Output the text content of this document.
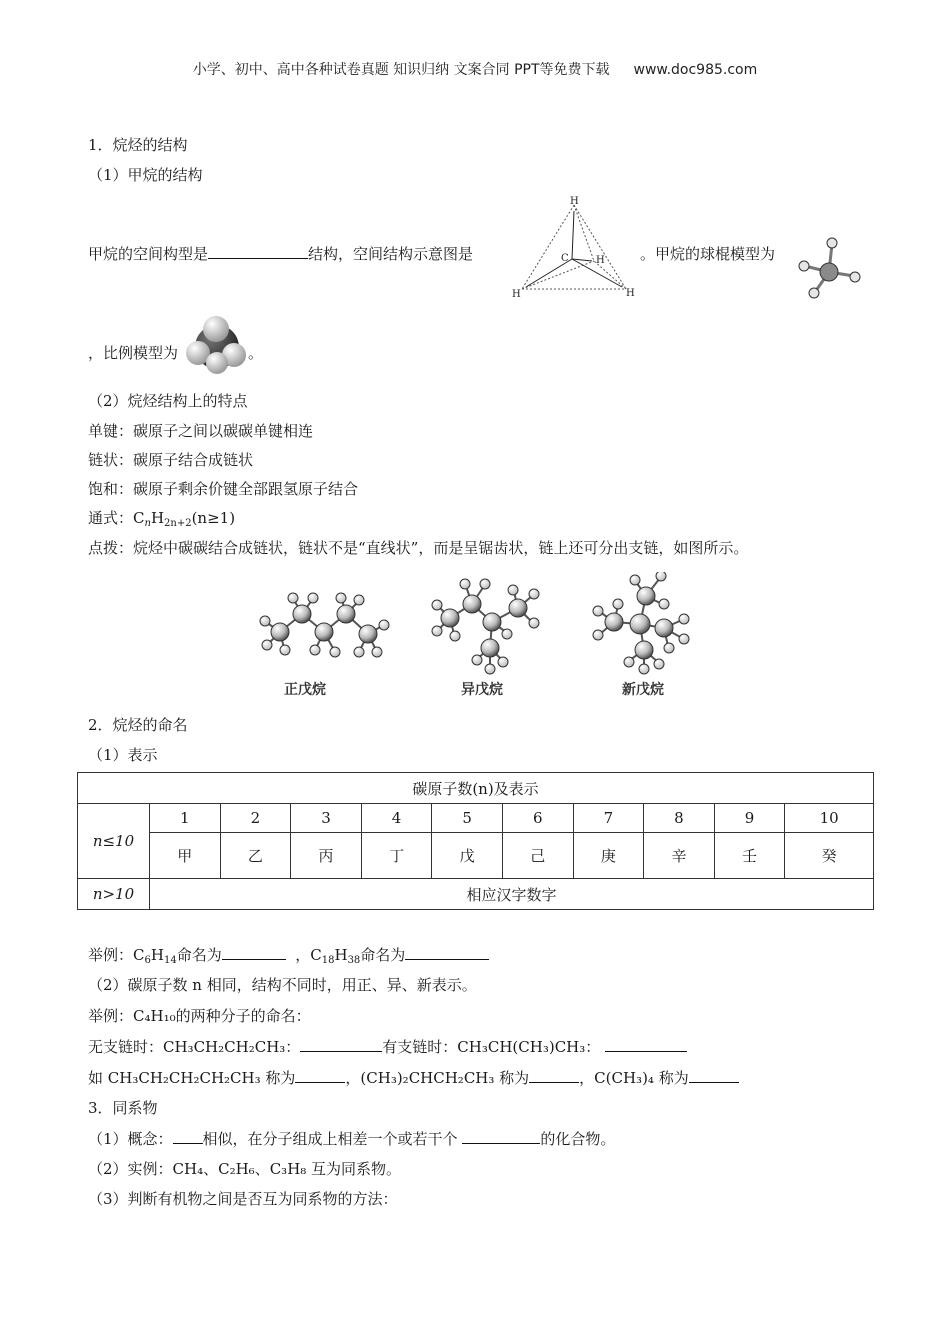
小学、初中、高中各种试卷真题 知识归纳 文案合同 PPT等免费下载 www.doc985.com
1．烷烃的结构
（1）甲烷的结构
甲烷的空间构型是	结构，空间结构示意图是
H
C	H
H	H
。甲烷的球棍模型为
，比例模型为	。
（2）烷烃结构上的特点
单键：碳原子之间以碳碳单键相连
链状：碳原子结合成链状
饱和：碳原子剩余价键全部跟氢原子结合
通式：$C_nH_{2n+2}(n\ge 1)$
点拨：烷烃中碳碳结合成链状，链状不是“直线状”，而是呈锯齿状，链上还可分出支链，如图所示。
正戊烷	异戊烷	新戊烷
2．烷烃的命名
（1）表示
碳原子数(n)及表示										
n≤10	1	2	3	4	5	6	7	8	9	10
	甲	乙	丙	丁	戊	己	庚	辛	壬	癸
n>10	相应汉字数字									
举例：$C_6H_{14}$命名为	，$C_{18}H_{38}$命名为
（2）碳原子数 n 相同，结构不同时，用正、异、新表示。
举例：C₄H₁₀的两种分子的命名：
无支链时：CH₃CH₂CH₂CH₃：	有支链时：CH₃CH(CH₃)CH₃：
如 CH₃CH₂CH₂CH₂CH₃ 称为	，(CH₃)₂CHCH₂CH₃ 称为	，C(CH₃)₄ 称为
3．同系物
（1）概念： 相似，在分子组成上相差一个或若干个	的化合物。
（2）实例：CH₄、C₂H₆、C₃H₈ 互为同系物。
（3）判断有机物之间是否互为同系物的方法：
